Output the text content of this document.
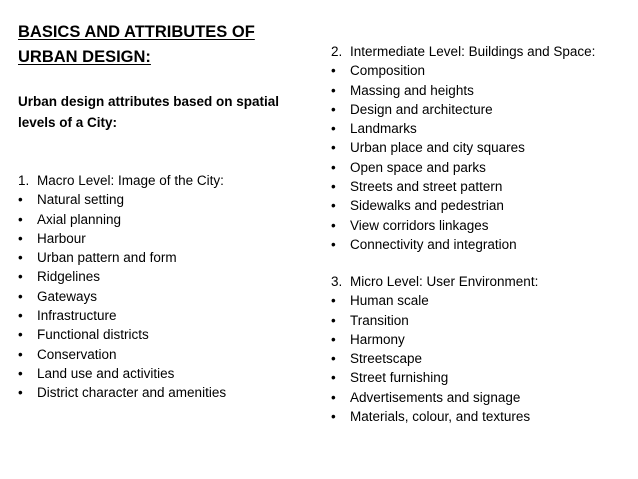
BASICS AND ATTRIBUTES OF URBAN DESIGN:

Urban design attributes based on spatial levels of a City:

1. Macro Level: Image of the City:
• Natural setting
• Axial planning
• Harbour
• Urban pattern and form
• Ridgelines
• Gateways
• Infrastructure
• Functional districts
• Conservation
• Land use and activities
• District character and amenities
2. Intermediate Level: Buildings and Space:
• Composition
• Massing and heights
• Design and architecture
• Landmarks
• Urban place and city squares
• Open space and parks
• Streets and street pattern
• Sidewalks and pedestrian
• View corridors linkages
• Connectivity and integration
3. Micro Level: User Environment:
• Human scale
• Transition
• Harmony
• Streetscape
• Street furnishing
• Advertisements and signage
• Materials, colour, and textures
